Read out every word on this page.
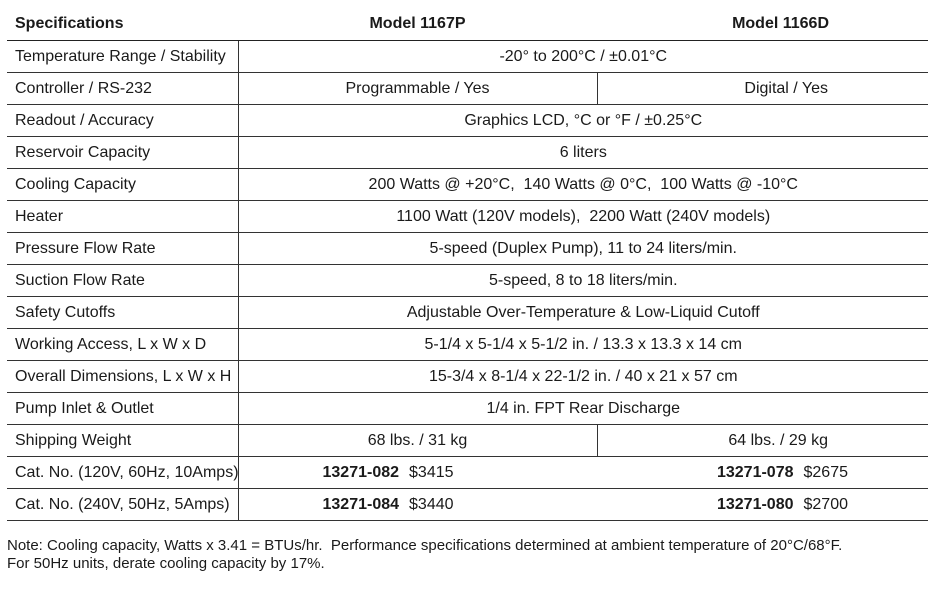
Specifications	Model 1167P	Model 1166D
Temperature Range / Stability	-20° to 200°C / ±0.01°C	
Controller / RS-232	Programmable / Yes	Digital / Yes
Readout / Accuracy	Graphics LCD, °C or °F / ±0.25°C	
Reservoir Capacity	6 liters	
Cooling Capacity	200 Watts @ +20°C,  140 Watts @ 0°C,  100 Watts @ -10°C	
Heater	1100 Watt (120V models),  2200 Watt (240V models)	
Pressure Flow Rate	5-speed (Duplex Pump), 11 to 24 liters/min.	
Suction Flow Rate	5-speed, 8 to 18 liters/min.	
Safety Cutoffs	Adjustable Over-Temperature & Low-Liquid Cutoff	
Working Access, L x W x D	5-1/4 x 5-1/4 x 5-1/2 in. / 13.3 x 13.3 x 14 cm	
Overall Dimensions, L x W x H	15-3/4 x 8-1/4 x 22-1/2 in. / 40 x 21 x 57 cm	
Pump Inlet & Outlet	1/4 in. FPT Rear Discharge	
Shipping Weight	68 lbs. / 31 kg	64 lbs. / 29 kg
Cat. No. (120V, 60Hz, 10Amps)	13271-082 $3415	13271-078 $2675
Cat. No. (240V, 50Hz, 5Amps)	13271-084 $3440	13271-080 $2700
Note: Cooling capacity, Watts x 3.41 = BTUs/hr.  Performance specifications determined at ambient temperature of 20°C/68°F.
For 50Hz units, derate cooling capacity by 17%.
